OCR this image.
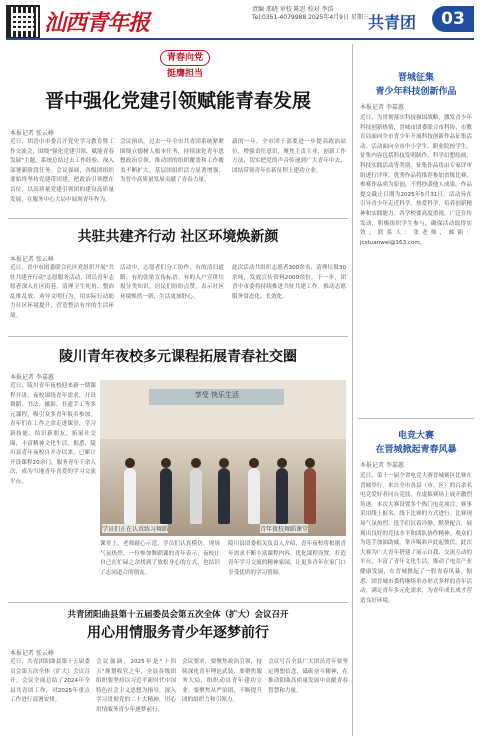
汕西青年报
责编 邢晓 审校 陈思 校对 李浩
Tel:0351-4079988 2025年4月9日 星期三 共青团	03
青春向党
挺膺担当
晋中强化党建引领赋能青春发展
本报记者 张云峰
近日，团晋中市委召开党史学习教育暨工作交流会，围绕"强化党建引领、赋能青春发展"主题，系统总结过去工作经验，深入部署新阶段任务。会议强调，各级团组织要始终坚持党建带团建，把政治引领摆在首位，以高质量党建引领团的建设高质量发展，在服务中心大局中展现青年作为。
会议指出，过去一年全市共青团系统紧紧围绕立德树人根本任务，持续深化青年思想政治引领，推动团的组织覆盖和工作覆盖不断扩大，基层团组织活力显著增强，为晋中高质量发展贡献了青春力量。
新的一年，全市团干部要进一步提高政治站位，增强责任意识，聚焦主责主业，创新工作方法，切实把党的声音传递到广大青年中去，团结带领青年在新征程上建功立业。
共驻共建齐行动 社区环境焕新颜
本报记者 张云峰
近日，晋中市团委联合社区党组织开展"共驻共建齐行动"志愿服务活动，团员青年志愿者深入社区街巷，清理卫生死角、整治乱堆乱放、劝导文明行为，用实际行动助力社区环境提升，营造整洁有序的生活环境。
活动中，志愿者们分工协作，有的清扫道路、有的张贴宣传标语、有的入户宣讲垃圾分类知识。居民们纷纷点赞，表示社区环境焕然一新，生活更加舒心。
此次活动共组织志愿者300余名，清理垃圾30余吨，发放宣传资料2000余份。下一步，团晋中市委将持续推进共驻共建工作，推动志愿服务常态化、长效化。
陵川青年夜校多元课程拓展青春社交圈
本报记者 李嘉蕙
近日，陵川青年夜校迎来新一期课程开讲。夜校围绕青年需求，开设舞蹈、书法、摄影、非遗手工等多元课程，吸引众多青年报名参加。青年们在工作之余走进课堂，学习新技能、结识新朋友，拓展社交圈，丰富精神文化生活。据悉，陵川县青年夜校自开办以来，已累计开设课程20余门，服务青年千余人次，成为当地青年喜爱的学习交流平台。
享受 快乐生活
学员们正在认真练习舞蹈	青年夜校舞蹈课堂
课堂上，老师耐心示范，学员们认真模仿，现场气氛热烈。一位参加舞蹈课的青年表示，夜校让自己在忙碌之余找到了放松身心的方式，也结识了志同道合的朋友。
陵川县团委相关负责人介绍，青年夜校将根据青年需求不断丰富课程内容，优化课程设置，打造青年学习交流的精神家园，让更多青年在家门口享受优质的学习资源。
共青团阳曲县第十五届委员会第五次全体（扩大）会议召开
用心用情服务青少年逐梦前行
本报记者 张云峰
近日，共青团阳曲县第十五届委员会第五次全体（扩大）会议召开。会议全面总结了2024年全县共青团工作，对2025年重点工作进行部署安排。
会议强调，2025年是"十四五"规划收官之年，全县各级团组织要坚持以习近平新时代中国特色社会主义思想为指导，深入学习贯彻党的二十大精神，用心用情服务青少年逐梦前行。
会议要求，要聚焦政治引领，持续深化青年理论武装；要聚焦服务大局，组织动员青年建功立业；要聚焦从严治团，不断提升团的组织力和引领力。
会议号召全县广大团员青年要坚定理想信念，砥砺奋斗精神，在推动阳曲高质量发展中贡献青春智慧和力量。
晋城征集
青少年科技创新作品
本报记者 李嘉蕙
近日，为贯彻落实科技强国战略，激发青少年科技创新热情，晋城市团委联合市科协、市教育局面向全市青少年开展科技创新作品征集活动。活动面向全市中小学生、职业院校学生，征集内容包括科技发明制作、科学幻想绘画、科技实践活动等类别。征集作品将由专家评审组进行评审，优秀作品将推荐参加省级比赛。参赛作品须为原创，不得抄袭他人成果。作品提交截止日期为2025年5月31日。活动旨在引导青少年走近科学、热爱科学，培养创新精神和实践能力。各学校要高度重视，广泛宣传发动，积极组织学生参与，确保活动取得实效。联系人：张老师，邮箱：jcstuanwei@163.com。
电竞大赛
在晋城掀起青春风暴
本报记者 李嘉蕙
近日，第十一届全省电竞大赛晋城赛区比赛在晋城举行。来自全市各县（市、区）的百余名电竞爱好者同台竞技，在虚拟赛场上展开激烈角逐。本次大赛设置多个热门电竞项目，赛事采用线上报名、线下比赛的方式进行。比赛现场气氛热烈，选手们沉着冷静、默契配合，展现出良好的竞技水平和团队协作精神。观众们为选手加油助威，掌声喝彩声此起彼伏。此次大赛为广大青年搭建了展示自我、交流互动的平台，丰富了青年文化生活，推动了电竞产业健康发展，在晋城掀起了一股青春风暴。据悉，团晋城市委将继续举办形式多样的青年活动，满足青年多元化需求，为青年成长成才营造良好环境。
